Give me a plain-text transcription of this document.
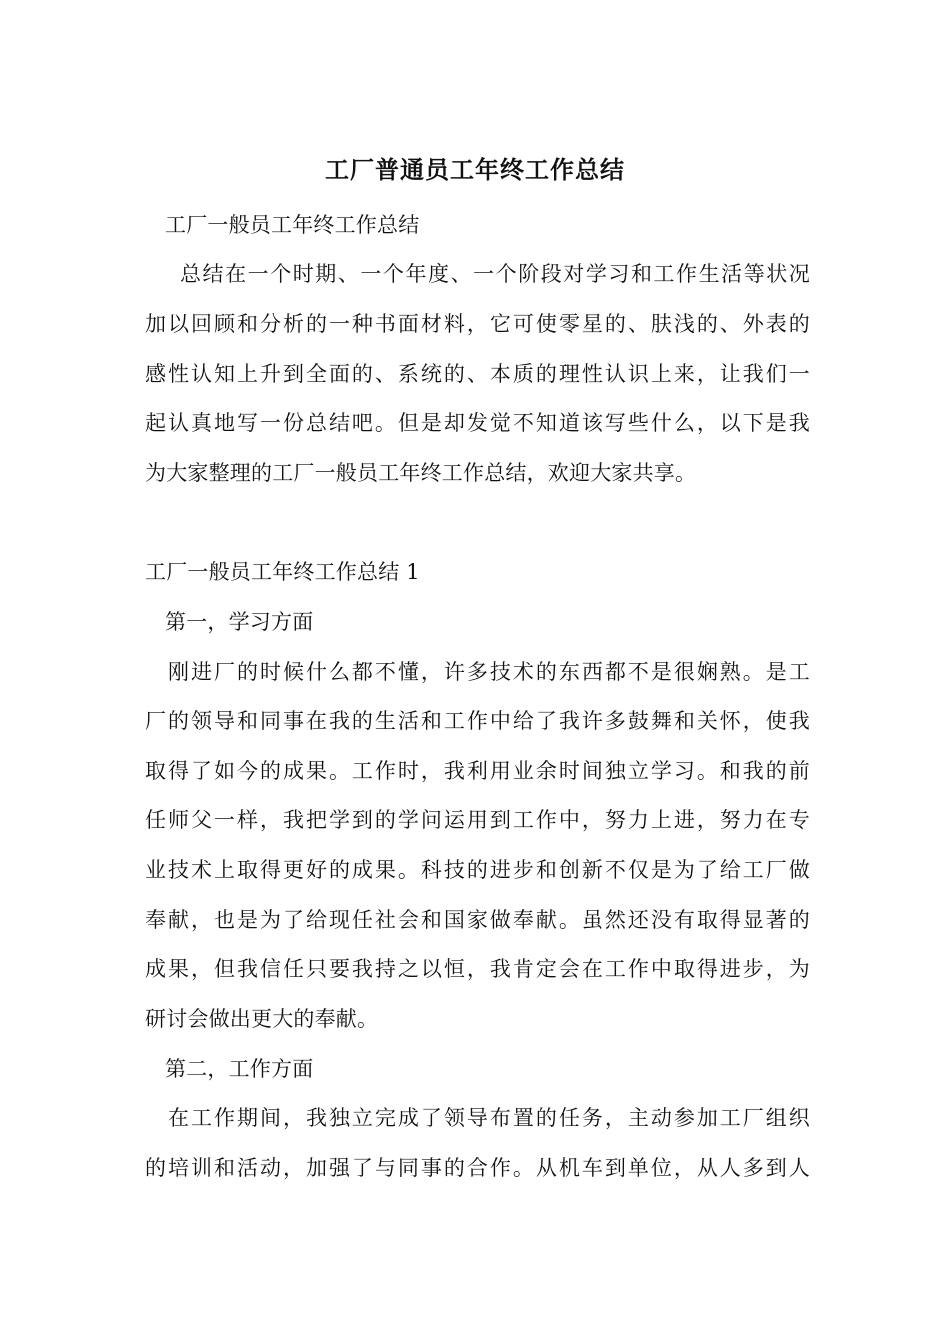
工厂普通员工年终工作总结
工厂一般员工年终工作总结
总结在一个时期、一个年度、一个阶段对学习和工作生活等状况
加以回顾和分析的一种书面材料，它可使零星的、肤浅的、外表的
感性认知上升到全面的、系统的、本质的理性认识上来，让我们一
起认真地写一份总结吧。但是却发觉不知道该写些什么，以下是我
为大家整理的工厂一般员工年终工作总结，欢迎大家共享。
工厂一般员工年终工作总结 1
第一，学习方面
刚进厂的时候什么都不懂，许多技术的东西都不是很娴熟。是工
厂的领导和同事在我的生活和工作中给了我许多鼓舞和关怀，使我
取得了如今的成果。工作时，我利用业余时间独立学习。和我的前
任师父一样，我把学到的学问运用到工作中，努力上进，努力在专
业技术上取得更好的成果。科技的进步和创新不仅是为了给工厂做
奉献，也是为了给现任社会和国家做奉献。虽然还没有取得显著的
成果，但我信任只要我持之以恒，我肯定会在工作中取得进步，为
研讨会做出更大的奉献。
第二，工作方面
在工作期间，我独立完成了领导布置的任务，主动参加工厂组织
的培训和活动，加强了与同事的合作。从机车到单位，从人多到人
